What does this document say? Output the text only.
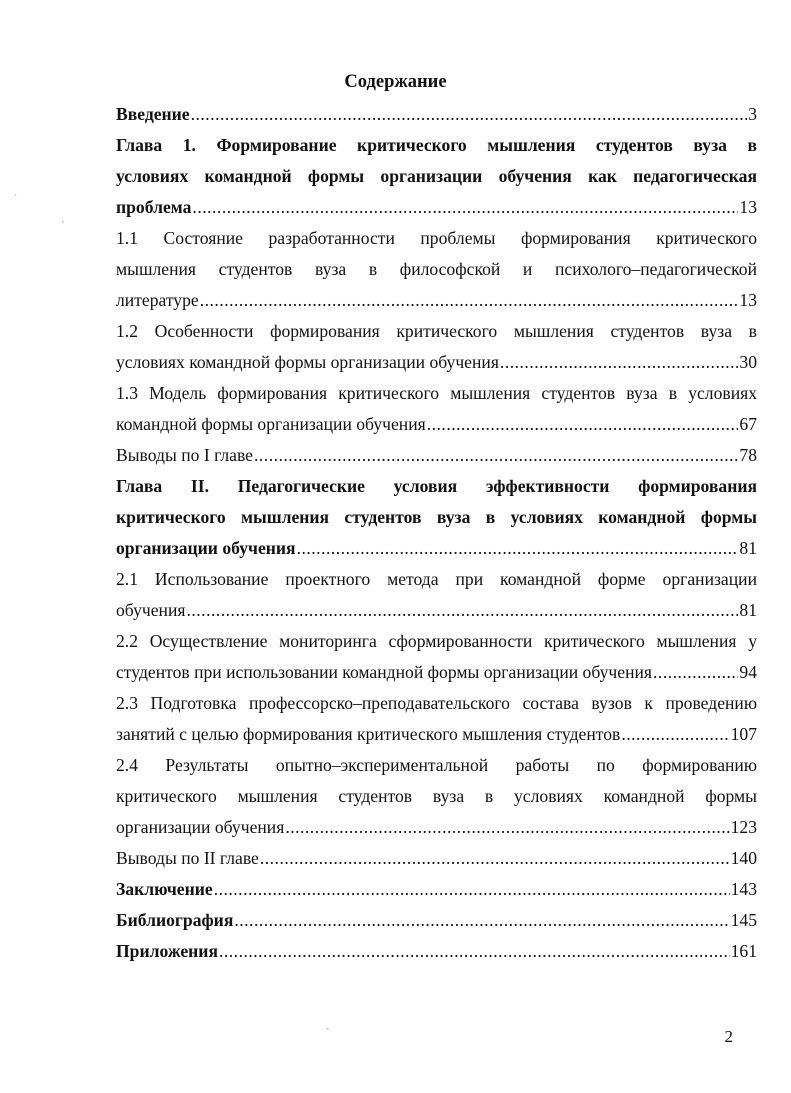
Содержание
Введение .....	3
Глава 1. Формирование критического мышления студентов вуза в
условиях командной формы организации обучения как педагогическая
проблема .....	13
1.1 Состояние разработанности проблемы формирования критического
мышления студентов вуза в философской и психолого–педагогической
литературе .....	13
1.2 Особенности формирования критического мышления студентов вуза в
условиях командной формы организации обучения .....	30
1.3 Модель формирования критического мышления студентов вуза в условиях
командной формы организации обучения .....	67
Выводы по I главе .....	78
Глава II. Педагогические условия эффективности формирования
критического мышления студентов вуза в условиях командной формы
организации обучения .....	81
2.1 Использование проектного метода при командной форме организации
обучения .....	81
2.2 Осуществление мониторинга сформированности критического мышления у
студентов при использовании командной формы организации обучения .....	94
2.3 Подготовка профессорско–преподавательского состава вузов к проведению
занятий с целью формирования критического мышления студентов .....	107
2.4 Результаты опытно–экспериментальной работы по формированию
критического мышления студентов вуза в условиях командной формы
организации обучения .....	123
Выводы по II главе .....	140
Заключение .....	143
Библиография .....	145
Приложения .....	161
2
ˎ
ⁱ
-
